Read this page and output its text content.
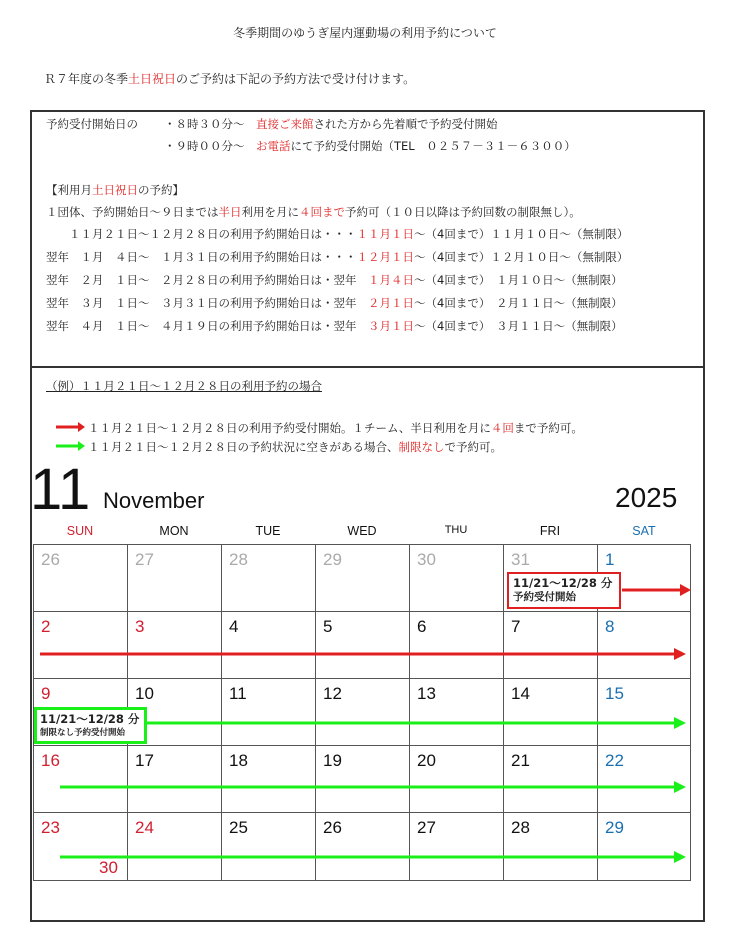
冬季期間のゆうぎ屋内運動場の利用予約について
Ｒ７年度の冬季土日祝日のご予約は下記の予約方法で受け付けます。
予約受付開始日の ・８時３０分～　 直接ご来館された方から先着順で予約受付開始
・９時００分～　 お電話にて予約受付開始（TEL　０２５７－３１－６３００）
【利用月土日祝日の予約】
１団体、予約開始日～９日までは半日利用を月に４回まで予約可（１０日以降は予約回数の制限無し）。
　　１１月２１日～１２月２８日の利用予約開始日は・・・１１月１日～（4回まで）１１月１０日～（無制限）
翌年　１月　４日～　１月３１日の利用予約開始日は・・・１２月１日～（4回まで）１２月１０日～（無制限）
翌年　２月　１日～　２月２８日の利用予約開始日は・翌年　１月４日～（4回まで）　１月１０日～（無制限）
翌年　３月　１日～　３月３１日の利用予約開始日は・翌年　２月１日～（4回まで）　２月１１日～（無制限）
翌年　４月　１日～　４月１９日の利用予約開始日は・翌年　３月１日～（4回まで）　３月１１日～（無制限）
（例）１１月２１日～１２月２８日の利用予約の場合
１１月２１日～１２月２８日の利用予約受付開始。１チーム、半日利用を月に４回まで予約可。
１１月２１日～１２月２８日の予約状況に空きがある場合、制限なしで予約可。
11 November	2025
SUN	MON	TUE	WED	THU	FRI	SAT
26	27	28	29	30	31	1
2	3	4	5	6	7	8
9	10	11	12	13	14	15
16	17	18	19	20	21	22
23	24	25	26	27	28	29
30
11/21～12/28 分
予約受付開始
11/21～12/28 分
制限なし予約受付開始
